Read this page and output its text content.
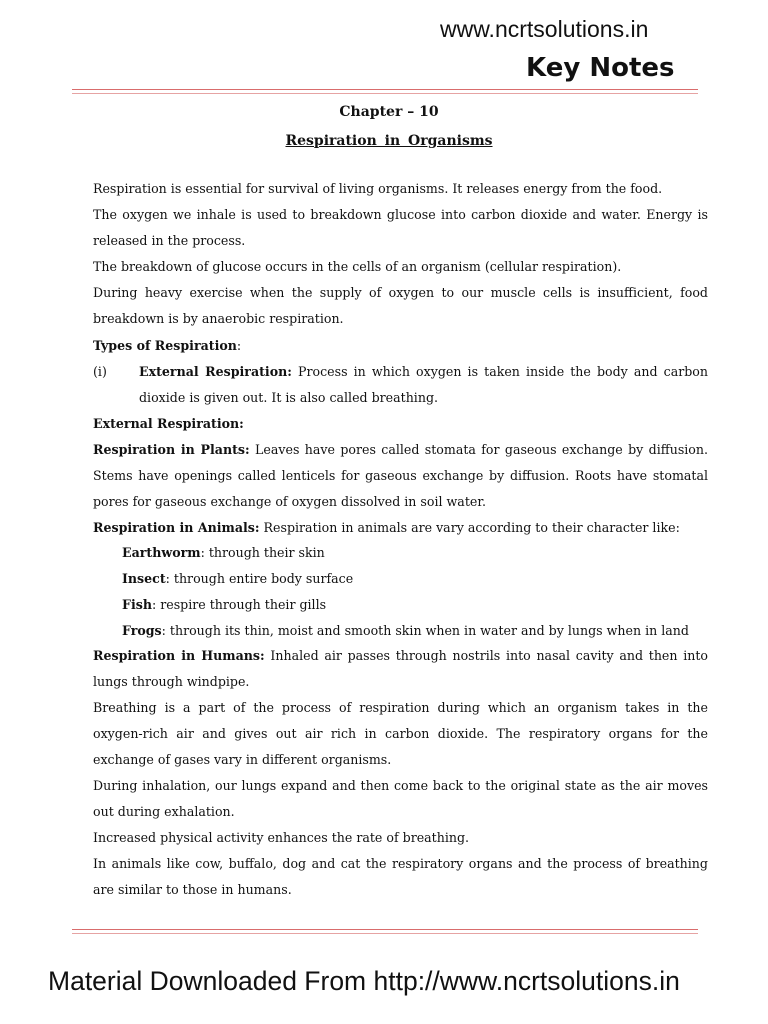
www.ncrtsolutions.in
Key Notes
Chapter – 10
Respiration in Organisms
Respiration is essential for survival of living organisms. It releases energy from the food.
The oxygen we inhale is used to breakdown glucose into carbon dioxide and water. Energy is
released in the process.
The breakdown of glucose occurs in the cells of an organism (cellular respiration).
During heavy exercise when the supply of oxygen to our muscle cells is insufficient, food
breakdown is by anaerobic respiration.
Types of Respiration:
(i)	External Respiration: Process in which oxygen is taken inside the body and carbon
dioxide is given out. It is also called breathing.
External Respiration:
Respiration in Plants: Leaves have pores called stomata for gaseous exchange by diffusion.
Stems have openings called lenticels for gaseous exchange by diffusion. Roots have stomatal
pores for gaseous exchange of oxygen dissolved in soil water.
Respiration in Animals: Respiration in animals are vary according to their character like:
Earthworm: through their skin
Insect: through entire body surface
Fish: respire through their gills
Frogs: through its thin, moist and smooth skin when in water and by lungs when in land
Respiration in Humans: Inhaled air passes through nostrils into nasal cavity and then into
lungs through windpipe.
Breathing is a part of the process of respiration during which an organism takes in the
oxygen-rich air and gives out air rich in carbon dioxide. The respiratory organs for the
exchange of gases vary in different organisms.
During inhalation, our lungs expand and then come back to the original state as the air moves
out during exhalation.
Increased physical activity enhances the rate of breathing.
In animals like cow, buffalo, dog and cat the respiratory organs and the process of breathing
are similar to those in humans.
Material Downloaded From http://www.ncrtsolutions.in
